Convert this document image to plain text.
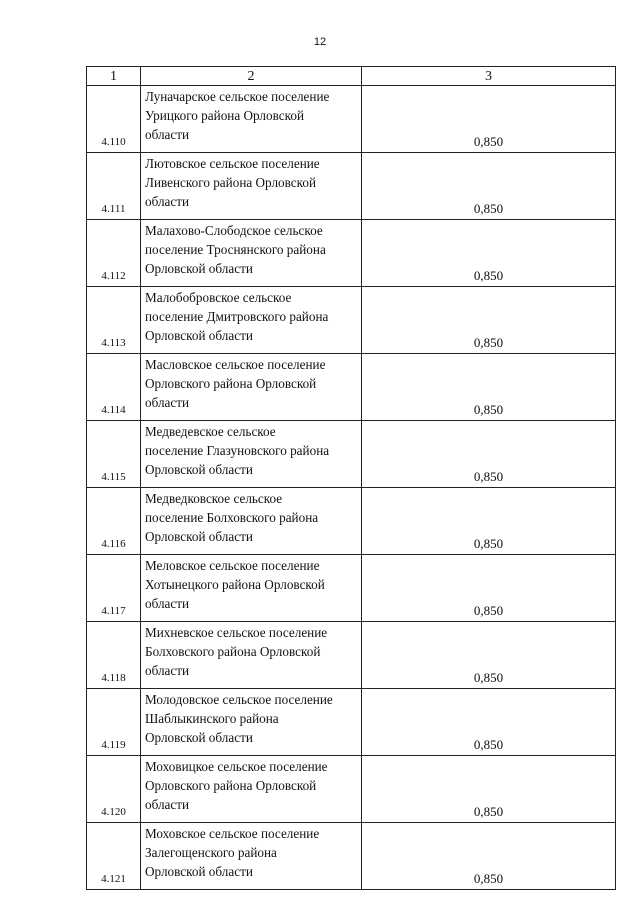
12
1	2	3
4.110	Луначарское сельское поселение
Урицкого района Орловской
области	0,850
4.111	Лютовское сельское поселение
Ливенского района Орловской
области	0,850
4.112	Малахово-Слободское сельское
поселение Троснянского района
Орловской области	0,850
4.113	Малобобровское сельское
поселение Дмитровского района
Орловской области	0,850
4.114	Масловское сельское поселение
Орловского района Орловской
области	0,850
4.115	Медведевское сельское
поселение Глазуновского района
Орловской области	0,850
4.116	Медведковское сельское
поселение Болховского района
Орловской области	0,850
4.117	Меловское сельское поселение
Хотынецкого района Орловской
области	0,850
4.118	Михневское сельское поселение
Болховского района Орловской
области	0,850
4.119	Молодовское сельское поселение
Шаблыкинского района
Орловской области	0,850
4.120	Моховицкое сельское поселение
Орловского района Орловской
области	0,850
4.121	Моховское сельское поселение
Залегощенского района
Орловской области	0,850
